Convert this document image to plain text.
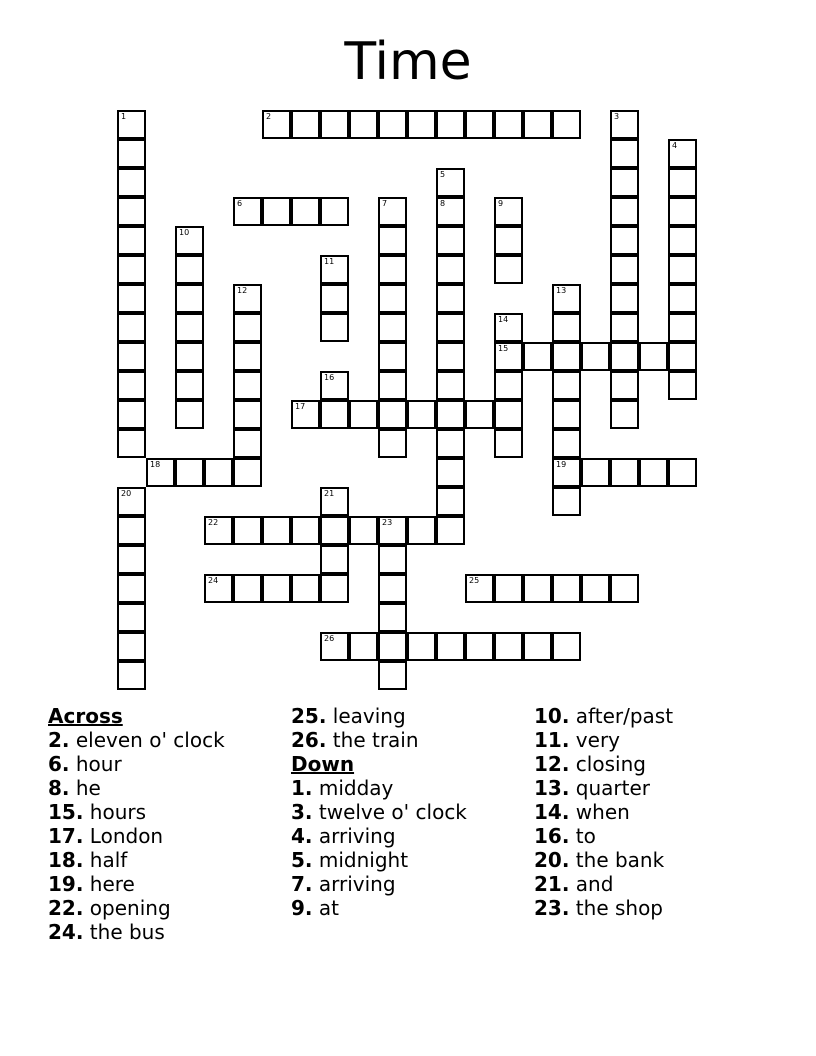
Time
1	2	3
4
5
6	7	8	9
10
11
12	13
14
15
16
17
18	19
20	21
22	23
24	25
26
Across
2. eleven o' clock
6. hour
8. he
15. hours
17. London
18. half
19. here
22. opening
24. the bus
25. leaving
26. the train
Down
1. midday
3. twelve o' clock
4. arriving
5. midnight
7. arriving
9. at
10. after/past
11. very
12. closing
13. quarter
14. when
16. to
20. the bank
21. and
23. the shop
